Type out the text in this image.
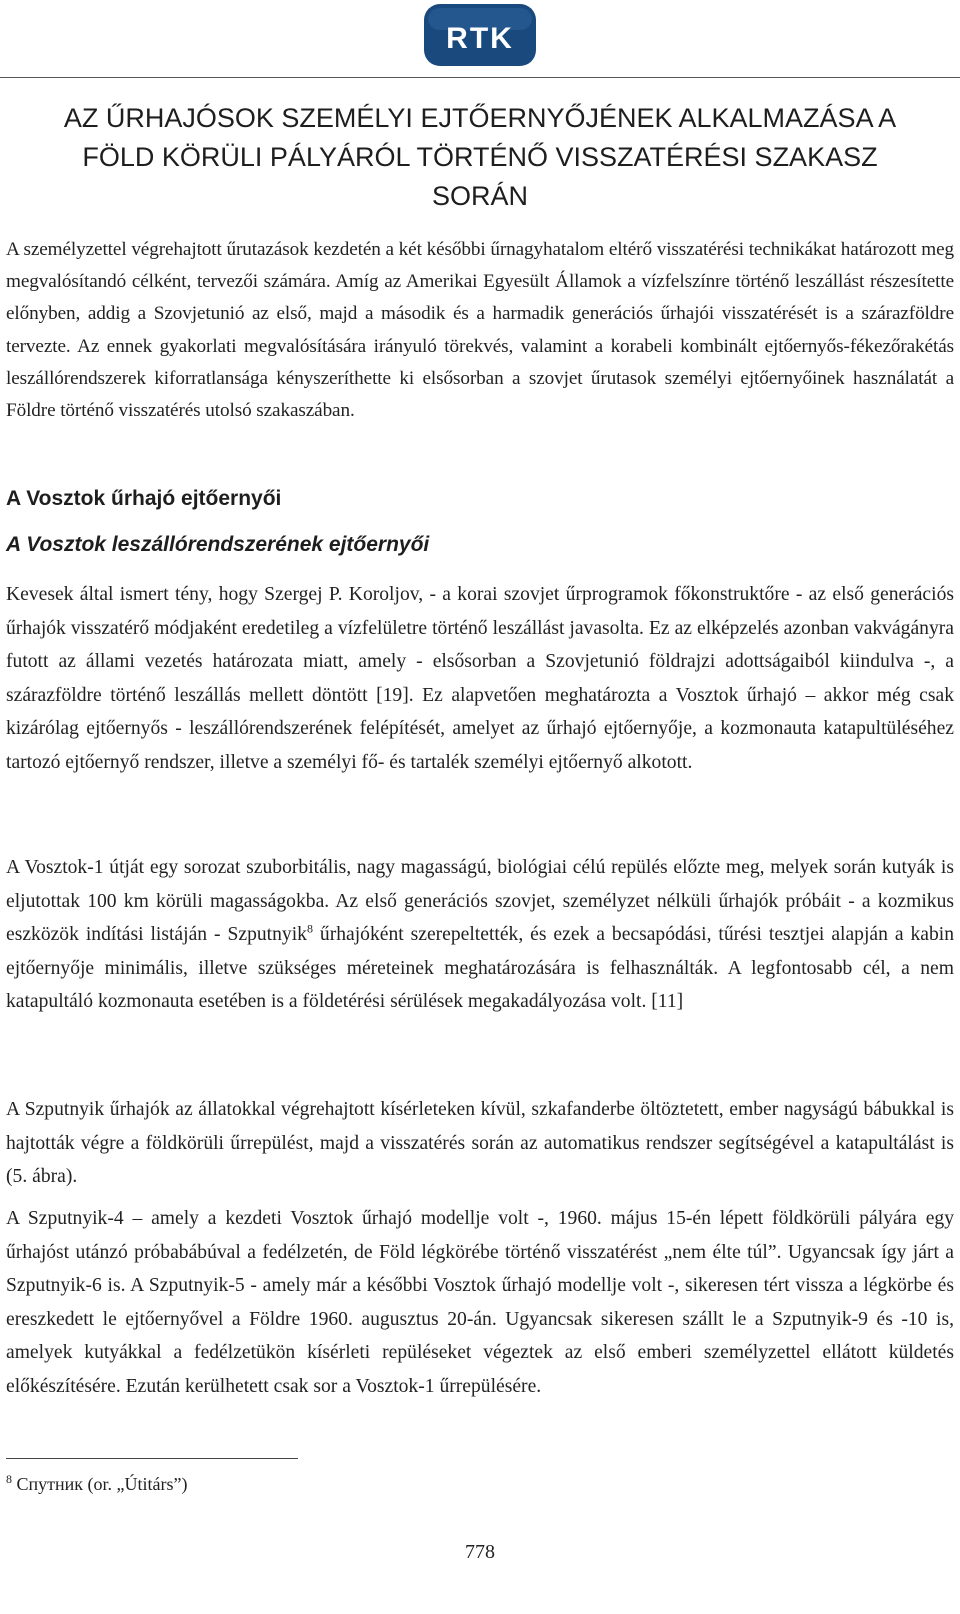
RTK
AZ ŰRHAJÓSOK SZEMÉLYI EJTŐERNYŐJÉNEK ALKALMAZÁSA A
FÖLD KÖRÜLI PÁLYÁRÓL TÖRTÉNŐ VISSZATÉRÉSI SZAKASZ
SORÁN

A személyzettel végrehajtott űrutazások kezdetén a két későbbi űrnagyhatalom eltérő visszatérési technikákat határozott meg megvalósítandó célként, tervezői számára. Amíg az Amerikai Egyesült Államok a vízfelszínre történő leszállást részesítette előnyben, addig a Szovjetunió az első, majd a második és a harmadik generációs űrhajói visszatérését is a szárazföldre tervezte. Az ennek gyakorlati megvalósítására irányuló törekvés, valamint a korabeli kombinált ejtőernyős-fékezőrakétás leszállórendszerek kiforratlansága kényszeríthette ki elsősorban a szovjet űrutasok személyi ejtőernyőinek használatát a Földre történő visszatérés utolsó szakaszában.

A Vosztok űrhajó ejtőernyői
A Vosztok leszállórendszerének ejtőernyői

Kevesek által ismert tény, hogy Szergej P. Koroljov, - a korai szovjet űrprogramok főkonstruktőre - az első generációs űrhajók visszatérő módjaként eredetileg a vízfelületre történő leszállást javasolta. Ez az elképzelés azonban vakvágányra futott az állami vezetés határozata miatt, amely - elsősorban a Szovjetunió földrajzi adottságaiból kiindulva -, a szárazföldre történő leszállás mellett döntött [19]. Ez alapvetően meghatározta a Vosztok űrhajó – akkor még csak kizárólag ejtőernyős - leszállórendszerének felépítését, amelyet az űrhajó ejtőernyője, a kozmonauta katapultüléséhez tartozó ejtőernyő rendszer, illetve a személyi fő- és tartalék személyi ejtőernyő alkotott.

A Vosztok-1 útját egy sorozat szuborbitális, nagy magasságú, biológiai célú repülés előzte meg, melyek során kutyák is eljutottak 100 km körüli magasságokba. Az első generációs szovjet, személyzet nélküli űrhajók próbáit - a kozmikus eszközök indítási listáján - Szputnyik$^8$ űrhajóként szerepeltették, és ezek a becsapódási, tűrési tesztjei alapján a kabin ejtőernyője minimális, illetve szükséges méreteinek meghatározására is felhasználták. A legfontosabb cél, a nem katapultáló kozmonauta esetében is a földetérési sérülések megakadályozása volt. [11]

A Szputnyik űrhajók az állatokkal végrehajtott kísérleteken kívül, szkafanderbe öltöztetett, ember nagyságú bábukkal is hajtották végre a földkörüli űrrepülést, majd a visszatérés során az automatikus rendszer segítségével a katapultálást is (5. ábra).

A Szputnyik-4 – amely a kezdeti Vosztok űrhajó modellje volt -, 1960. május 15-én lépett földkörüli pályára egy űrhajóst utánzó próbabábúval a fedélzetén, de Föld légkörébe történő visszatérést „nem élte túl”. Ugyancsak így járt a Szputnyik-6 is. A Szputnyik-5 - amely már a későbbi Vosztok űrhajó modellje volt -, sikeresen tért vissza a légkörbe és ereszkedett le ejtőernyővel a Földre 1960. augusztus 20-án. Ugyancsak sikeresen szállt le a Szputnyik-9 és -10 is, amelyek kutyákkal a fedélzetükön kísérleti repüléseket végeztek az első emberi személyzettel ellátott küldetés előkészítésére. Ezután kerülhetett csak sor a Vosztok-1 űrrepülésére.

$^8$ Спутник (or. „Útitárs”)

778
